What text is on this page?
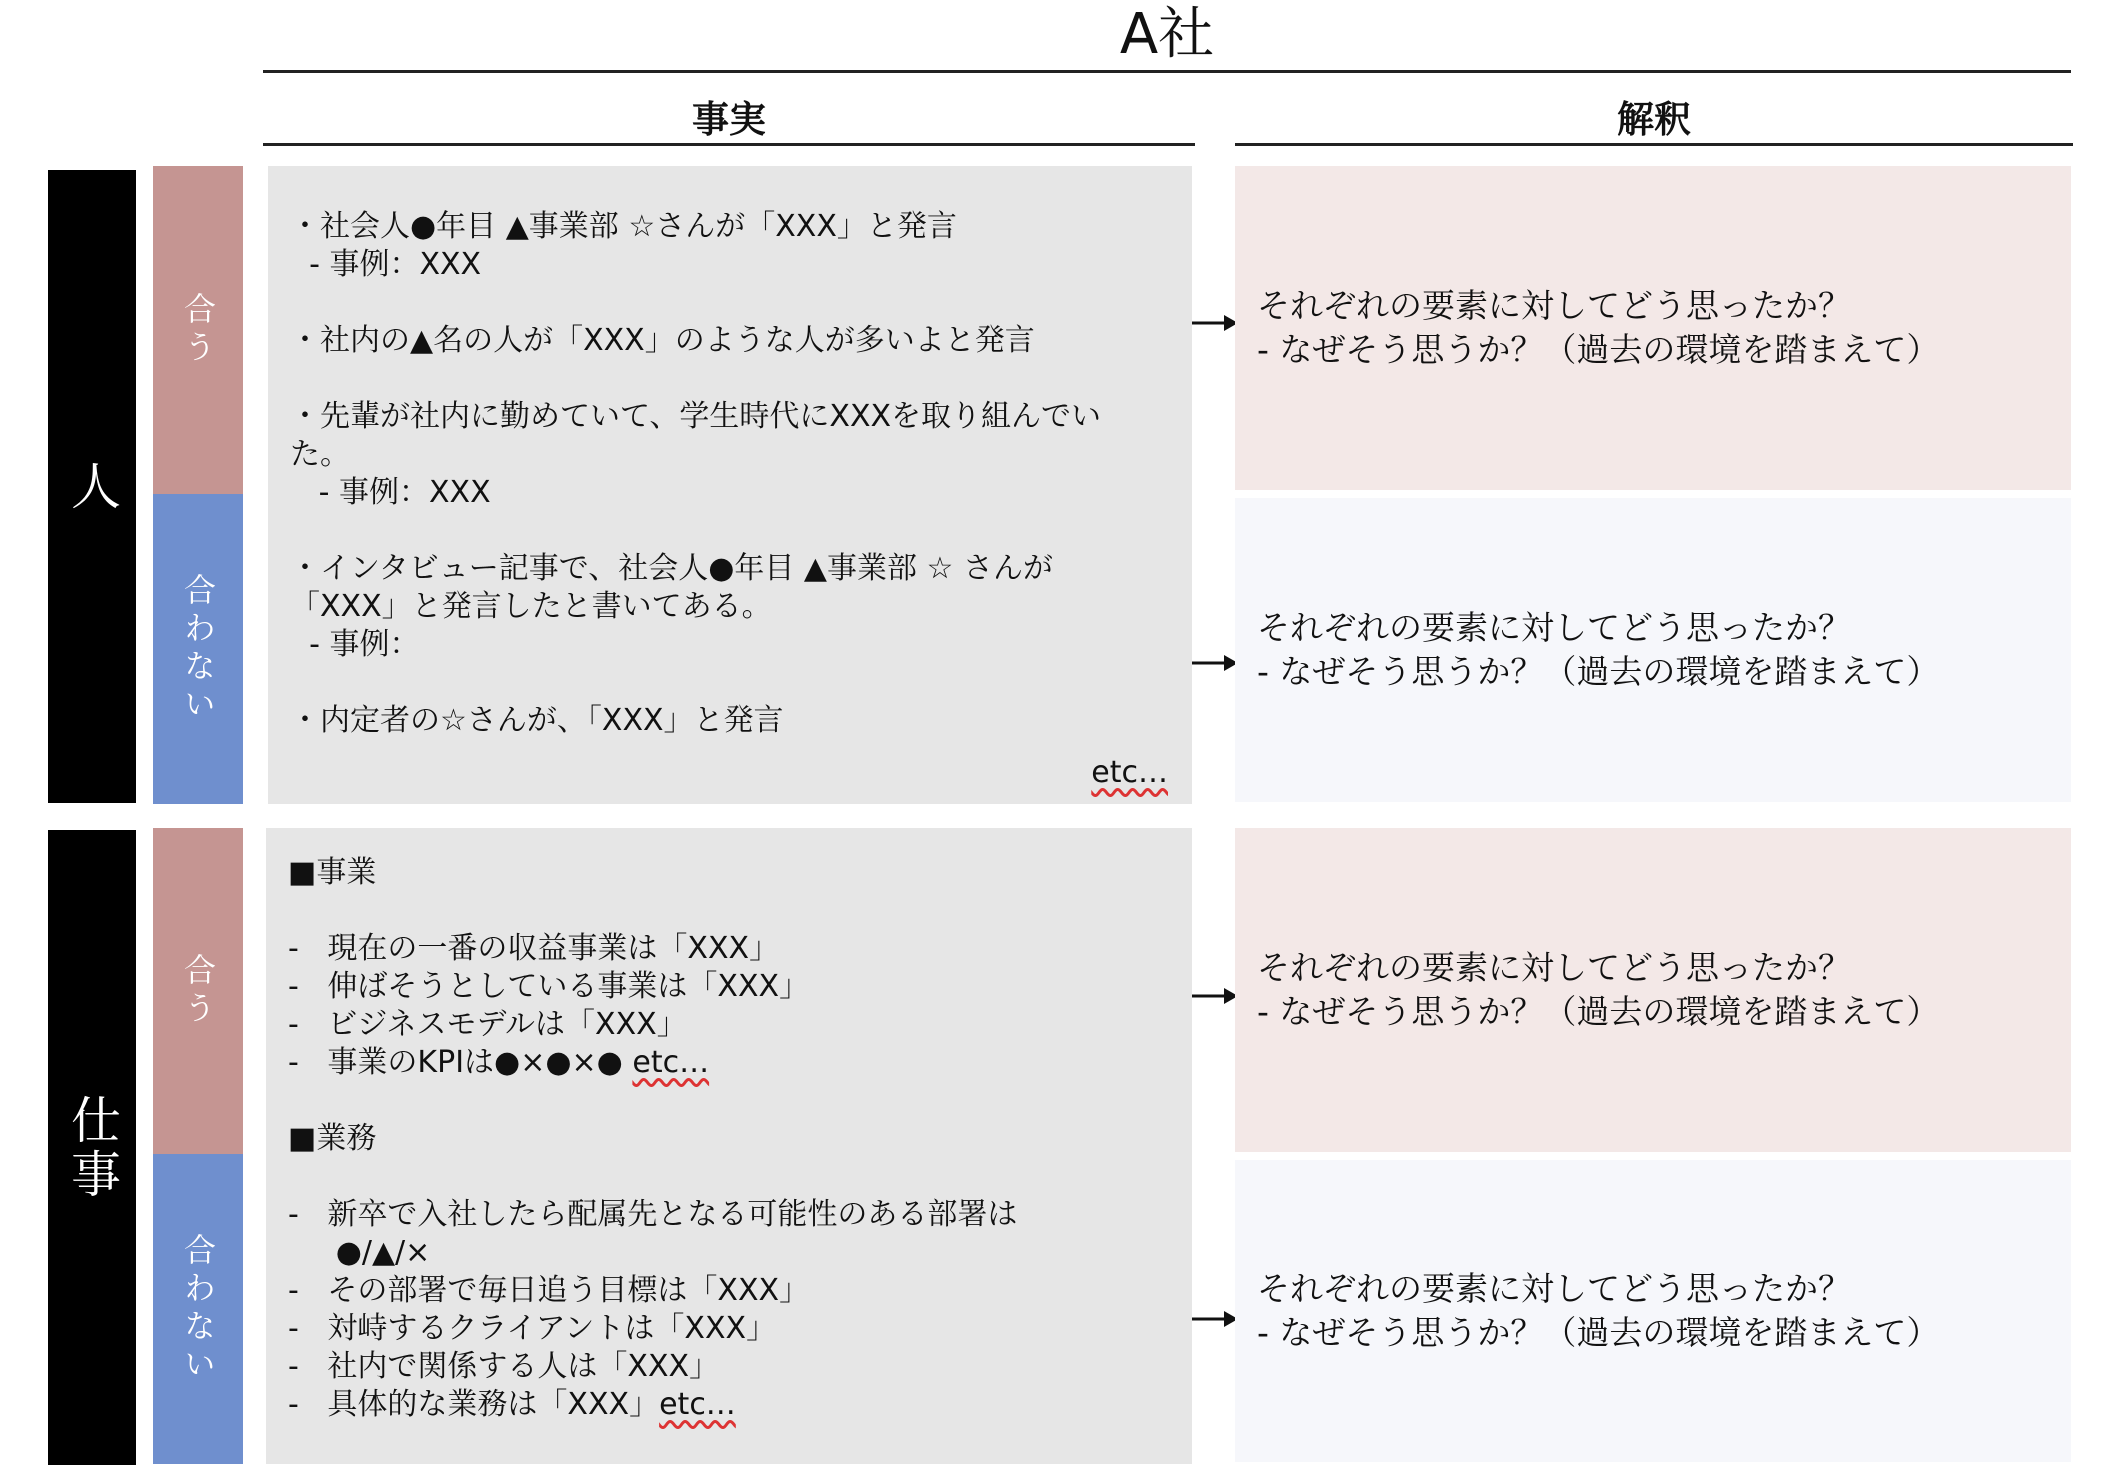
A社
事実	解釈
人
合う
合わない
・社会人●年目 ▲事業部 ☆さんが「XXX」と発言
- 事例：XXX
・社内の▲名の人が「XXX」のような人が多いよと発言
・先輩が社内に勤めていて、学生時代にXXXを取り組んでい
た。
- 事例：XXX
・インタビュー記事で、社会人●年目 ▲事業部 ☆ さんが
「XXX」と発言したと書いてある。
- 事例：
・内定者の☆さんが、「XXX」と発言
etc…
それぞれの要素に対してどう思ったか？
- なぜそう思うか？（過去の環境を踏まえて）
それぞれの要素に対してどう思ったか？
- なぜそう思うか？（過去の環境を踏まえて）
仕事
合う
合わない
■事業
-   現在の一番の収益事業は「XXX」
-   伸ばそうとしている事業は「XXX」
-   ビジネスモデルは「XXX」
-   事業のKPIは●×●×● etc…
■業務
-   新卒で入社したら配属先となる可能性のある部署は
●/▲/×
-   その部署で毎日追う目標は「XXX」
-   対峙するクライアントは「XXX」
-   社内で関係する人は「XXX」
-   具体的な業務は「XXX」etc…
それぞれの要素に対してどう思ったか？
- なぜそう思うか？（過去の環境を踏まえて）
それぞれの要素に対してどう思ったか？
- なぜそう思うか？（過去の環境を踏まえて）
